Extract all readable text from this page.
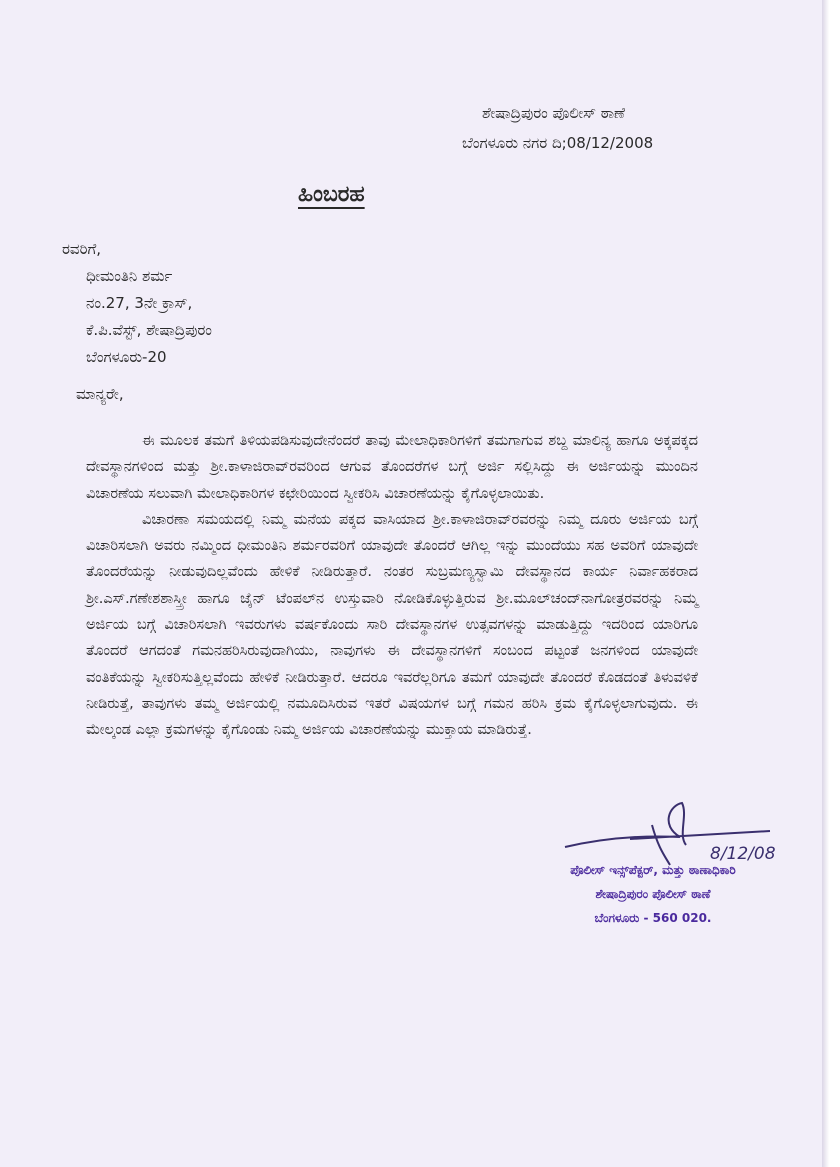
ಶೇಷಾದ್ರಿಪುರಂ ಪೊಲೀಸ್ ಠಾಣೆ
ಬೆಂಗಳೂರು ನಗರ ದಿ;08/12/2008
ಹಿಂಬರಹ
ರವರಿಗೆ,
ಧೀಮಂತಿನಿ ಶರ್ಮ
ನಂ.27, 3ನೇ ಕ್ರಾಸ್,
ಕೆ.ಪಿ.ವೆಸ್ಟ್, ಶೇಷಾದ್ರಿಪುರಂ
ಬೆಂಗಳೂರು-20
ಮಾನ್ಯರೇ,

ಈ ಮೂಲಕ ತಮಗೆ ತಿಳಿಯಪಡಿಸುವುದೇನೆಂದರೆ ತಾವು ಮೇಲಾಧಿಕಾರಿಗಳಿಗೆ ತಮಗಾಗುವ ಶಬ್ದ ಮಾಲಿನ್ಯ ಹಾಗೂ ಅಕ್ಕಪಕ್ಕದ ದೇವಸ್ಥಾನಗಳಿಂದ ಮತ್ತು ಶ್ರೀ.ಕಾಳಾಜಿರಾವ್‌ರವರಿಂದ ಆಗುವ ತೊಂದರೆಗಳ ಬಗ್ಗೆ ಅರ್ಜಿ ಸಲ್ಲಿಸಿದ್ದು ಈ ಅರ್ಜಿಯನ್ನು ಮುಂದಿನ ವಿಚಾರಣೆಯ ಸಲುವಾಗಿ ಮೇಲಾಧಿಕಾರಿಗಳ ಕಛೇರಿಯಿಂದ ಸ್ವೀಕರಿಸಿ ವಿಚಾರಣೆಯನ್ನು ಕೈಗೊಳ್ಳಲಾಯಿತು.

ವಿಚಾರಣಾ ಸಮಯದಲ್ಲಿ ನಿಮ್ಮ ಮನೆಯ ಪಕ್ಕದ ವಾಸಿಯಾದ ಶ್ರೀ.ಕಾಳಾಜಿರಾವ್‌ರವರನ್ನು ನಿಮ್ಮ ದೂರು ಅರ್ಜಿಯ ಬಗ್ಗೆ ವಿಚಾರಿಸಲಾಗಿ ಅವರು ನಮ್ಮಿಂದ ಧೀಮಂತಿನಿ ಶರ್ಮರವರಿಗೆ ಯಾವುದೇ ತೊಂದರೆ ಆಗಿಲ್ಲ ಇನ್ನು ಮುಂದೆಯು ಸಹ ಅವರಿಗೆ ಯಾವುದೇ ತೊಂದರೆಯನ್ನು ನೀಡುವುದಿಲ್ಲವೆಂದು ಹೇಳಿಕೆ ನೀಡಿರುತ್ತಾರೆ. ನಂತರ ಸುಬ್ರಮಣ್ಯಸ್ವಾಮಿ ದೇವಸ್ಥಾನದ ಕಾರ್ಯ ನಿರ್ವಾಹಕರಾದ ಶ್ರೀ.ಎಸ್.ಗಣೇಶಶಾಸ್ತ್ರೀ ಹಾಗೂ ಜೈನ್ ಟೆಂಪಲ್‌ನ ಉಸ್ತುವಾರಿ ನೋಡಿಕೊಳ್ಳುತ್ತಿರುವ ಶ್ರೀ.ಮೂಲ್‌ಚಂದ್‌ನಾಗೋತ್ರರವರನ್ನು ನಿಮ್ಮ ಅರ್ಜಿಯ ಬಗ್ಗೆ ವಿಚಾರಿಸಲಾಗಿ ಇವರುಗಳು ವರ್ಷಕೊಂದು ಸಾರಿ ದೇವಸ್ಥಾನಗಳ ಉತ್ಸವಗಳನ್ನು ಮಾಡುತ್ತಿದ್ದು ಇದರಿಂದ ಯಾರಿಗೂ ತೊಂದರೆ ಆಗದಂತೆ ಗಮನಹರಿಸಿರುವುದಾಗಿಯು, ನಾವುಗಳು ಈ ದೇವಸ್ಥಾನಗಳಿಗೆ ಸಂಬಂದ ಪಟ್ಟಂತೆ ಜನಗಳಿಂದ ಯಾವುದೇ ವಂತಿಕೆಯನ್ನು ಸ್ವೀಕರಿಸುತ್ತಿಲ್ಲವೆಂದು ಹೇಳಿಕೆ ನೀಡಿರುತ್ತಾರೆ. ಆದರೂ ಇವರೆಲ್ಲರಿಗೂ ತಮಗೆ ಯಾವುದೇ ತೊಂದರೆ ಕೊಡದಂತೆ ತಿಳುವಳಿಕೆ ನೀಡಿರುತ್ತೆ, ತಾವುಗಳು ತಮ್ಮ ಅರ್ಜಿಯಲ್ಲಿ ನಮೂದಿಸಿರುವ ಇತರೆ ವಿಷಯಗಳ ಬಗ್ಗೆ ಗಮನ ಹರಿಸಿ ಕ್ರಮ ಕೈಗೊಳ್ಳಲಾಗುವುದು. ಈ ಮೇಲ್ಕಂಡ ಎಲ್ಲಾ ಕ್ರಮಗಳನ್ನು ಕೈಗೊಂಡು ನಿಮ್ಮ ಅರ್ಜಿಯ ವಿಚಾರಣೆಯನ್ನು ಮುಕ್ತಾಯ ಮಾಡಿರುತ್ತೆ.

8/12/08
ಪೊಲೀಸ್ ಇನ್ಸ್‌ಪೆಕ್ಟರ್, ಮತ್ತು ಠಾಣಾಧಿಕಾರಿ
ಶೇಷಾದ್ರಿಪುರಂ ಪೊಲೀಸ್ ಠಾಣೆ
ಬೆಂಗಳೂರು - 560 020.
